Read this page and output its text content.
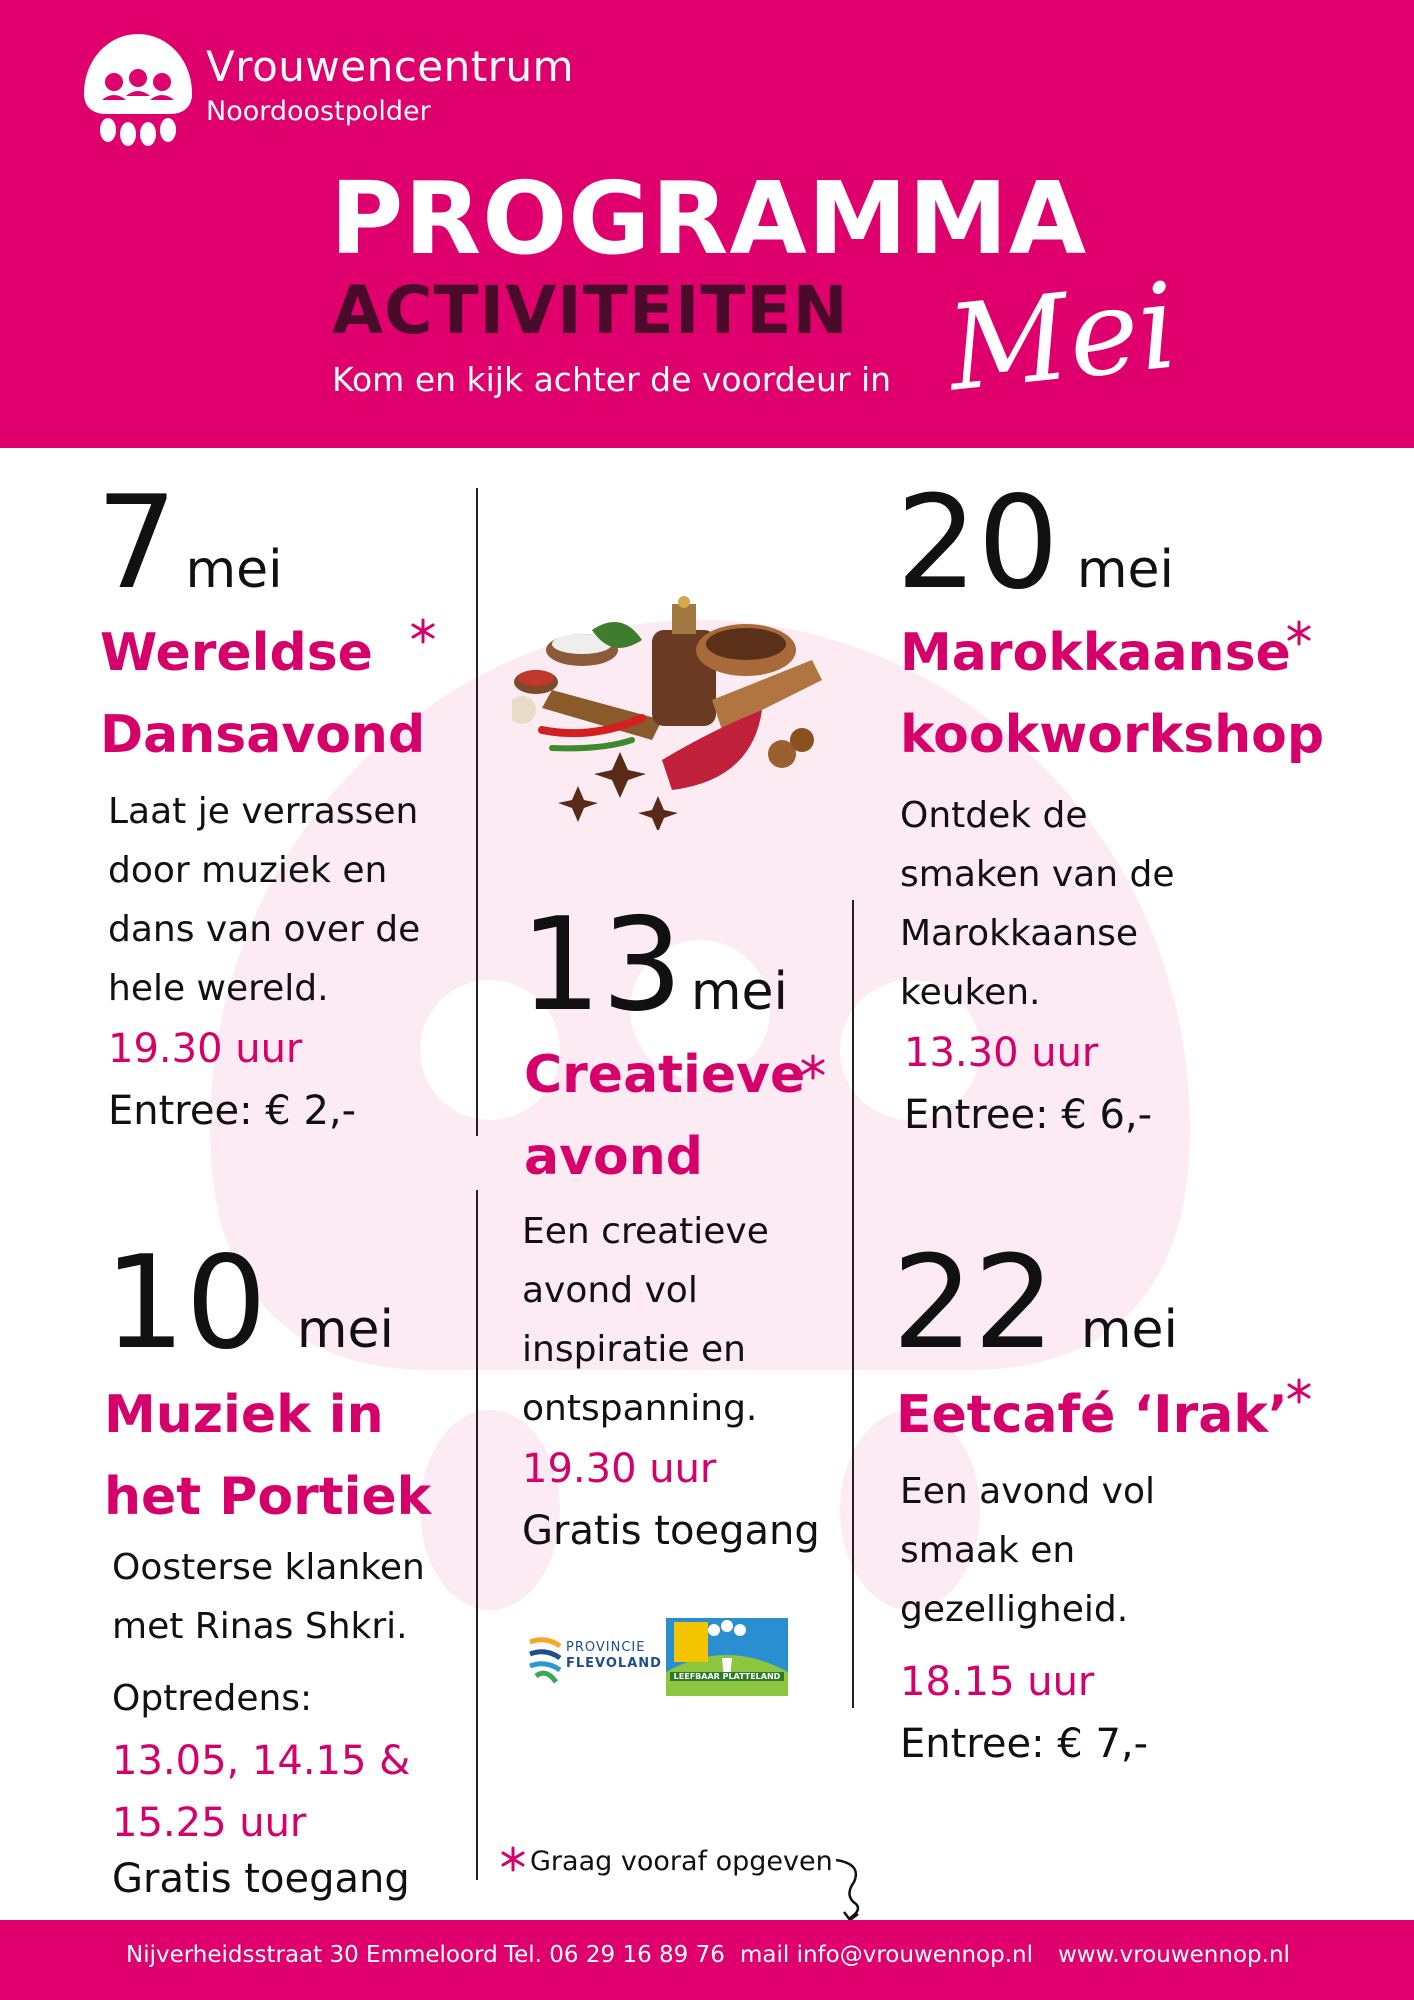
Vrouwencentrum
Noordoostpolder
PROGRAMMA
ACTIVITEITEN
Kom en kijk achter de voordeur in Mei
7 mei
Wereldse
Dansavond
Laat je verrassen
door muziek en
dans van over de
hele wereld.
19.30 uur
Entree: € 2,-
10 mei
Muziek in
het Portiek
Oosterse klanken
met Rinas Shkri.
Optredens:
13.05, 14.15 &
15.25 uur
Gratis toegang
13 mei
Creatieve
avond
Een creatieve
avond vol
inspiratie en
ontspanning.
19.30 uur
Gratis toegang
PROVINCIE
FLEVOLAND
LEEFBAAR PLATTELAND
20 mei
Marokkaanse
kookworkshop
Ontdek de
smaken van de
Marokkaanse
keuken.
13.30 uur
Entree: € 6,-
22 mei
Eetcafé ‘Irak’
Een avond vol
smaak en
gezelligheid.
18.15 uur
Entree: € 7,-
Graag vooraf opgeven
Nijverheidsstraat 30 Emmeloord Tel. 06 29 16 89 76 mail info@vrouwennop.nl www.vrouwennop.nl
